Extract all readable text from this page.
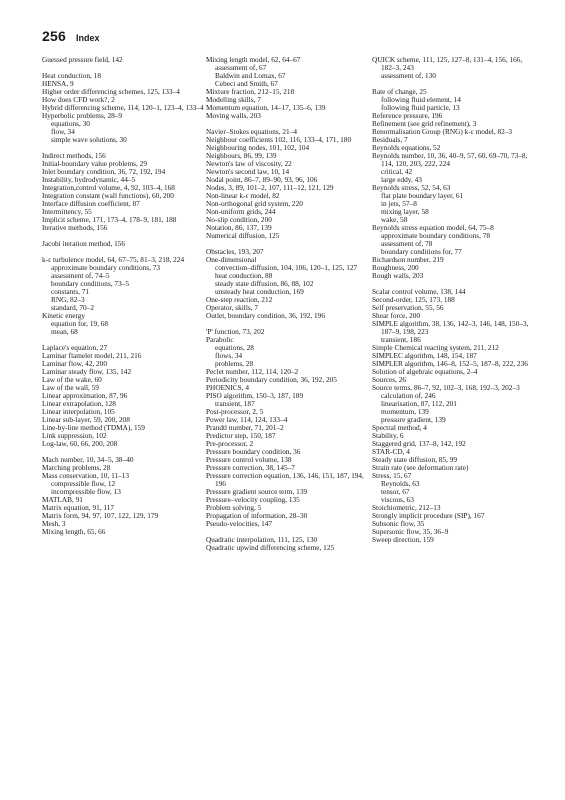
256 Index
Guessed pressure field, 142
Heat conduction, 18
HENSA, 9
Higher order differencing schemes, 125, 133–4
How does CFD work?, 2
Hybrid differencing scheme, 114, 120–1, 123–4, 133–4
Hyperbolic problems, 28–9
equations, 30
flow, 34
simple wave solutions, 30
Indirect methods, 156
Initial-boundary value problems, 29
Inlet boundary condition, 36, 72, 192, 194
Instability, hydrodynamic, 44–5
Integration,control volume, 4, 92, 103–4, 168
Integration constant (wall functions), 60, 200
Interface diffusion coefficient, 87
Intermittency, 55
Implicit scheme, 171, 173–4, 178–9, 181, 188
Iterative methods, 156
Jacobi iteration method, 156
k-ε turbulence model, 64, 67–75, 81–3, 218, 224
approximate boundary conditions, 73
assessment of, 74–5
boundary conditions, 73–5
constants, 71
RNG, 82–3
standard, 70–2
Kinetic energy
equation for, 19, 68
mean, 68
Laplace's equation, 27
Laminar flamelet model, 211, 216
Laminar flow, 42, 200
Laminar steady flow, 135, 142
Law of the wake, 60
Law of the wall, 59
Linear approximation, 87, 96
Linear extrapolation, 128
Linear interpolation, 105
Linear sub-layer, 59, 200, 208
Line-by-line method (TDMA), 159
Link suppression, 102
Log-law, 60, 66, 200, 208
Mach number, 10, 34–5, 38–40
Marching problems, 28
Mass conservation, 10, 11–13
compressible flow, 12
incompressible flow, 13
MATLAB, 91
Matrix equation, 91, 117
Matrix form, 94, 97, 107, 122, 129, 179
Mesh, 3
Mixing length, 65, 66
Mixing length model, 62, 64–67
assessment of, 67
Baldwin and Lomax, 67
Cebeci and Smith, 67
Mixture fraction, 212–15, 218
Modelling skills, 7
Momentum equation, 14–17, 135–6, 139
Moving walls, 203
Navier–Stokes equations, 21–4
Neighbour coefficients 102, 116, 133–4, 171, 180
Neighbouring nodes, 101, 102, 104
Neighbours, 86, 99, 139
Newton's law of viscosity, 22
Newton's second law, 10, 14
Nodal point, 86–7, 89–90, 93, 96, 106
Nodes, 3, 89, 101–2, 107, 111–12, 121, 129
Non-linear k-ε model, 82
Non-orthogonal grid system, 220
Non-uniform grids, 244
No-slip condition, 200
Notation, 86, 137, 139
Numerical diffusion, 125
Obstacles, 193, 207
One-dimensional
convection–diffusion, 104, 106, 120–1, 125, 127
heat conduction, 88
steady state diffusion, 86, 88, 102
unsteady heat conduction, 169
One-step reaction, 212
Operator, skills, 7
Outlet, boundary condition, 36, 192, 196
'P' function, 73, 202
Parabolic
equations, 28
flows, 34
problems, 28
Peclet number, 112, 114, 120–2
Periodicity boundary condition, 36, 192, 205
PHOENICS, 4
PISO algorithm, 150–3, 187, 189
transient, 187
Post-processor, 2, 5
Power law, 114, 124, 133–4
Prandtl number, 71, 201–2
Predictor step, 150, 187
Pre-processor, 2
Pressure boundary condition, 36
Pressure control volume, 138
Pressure correction, 38, 145–7
Pressure correction equation, 136, 146, 151, 187, 194, 196
Pressure gradient source term, 139
Pressure–velocity coupling, 135
Problem solving, 5
Propagation of information, 28–30
Pseudo-velocities, 147
Quadratic interpolation, 111, 125, 130
Quadratic upwind differencing scheme, 125
QUICK scheme, 111, 125, 127–8, 131–4, 156, 166, 182–3, 243
assessment of, 130
Rate of change, 25
following fluid element, 14
following fluid particle, 13
Reference pressure, 196
Refinement (see grid refinement), 3
Renormalisation Group (RNG) k-ε model, 82–3
Residuals, 7
Reynolds equations, 52
Reynolds number, 10, 36, 40–9, 57, 60, 69–70, 73–8, 114, 120, 203, 222, 224
critical, 42
large eddy, 43
Reynolds stress, 52, 54, 63
flat plate boundary layer, 61
in jets, 57–8
mixing layer, 58
wake, 58
Reynolds stress equation model, 64, 75–8
approximate boundary conditions, 78
assessment of, 78
boundary conditions for, 77
Richardson number, 219
Roughness, 200
Rough walls, 203
Scalar control volume, 138, 144
Second-order, 125, 173, 188
Self preservation, 55, 56
Shear force, 200
SIMPLE algorithm, 38, 136, 142–3, 146, 148, 150–3, 187–9, 198, 223
transient, 186
Simple Chemical reacting system, 211, 212
SIMPLEC algorithm, 148, 154, 187
SIMPLER algorithm, 146–8, 152–5, 187–8, 222, 236
Solution of algebraic equations, 2–4
Sources, 26
Source terms, 86–7, 92, 102–3, 168, 192–3, 202–3
calculation of, 246
linearisation, 87, 112, 201
momentum, 139
pressure gradient, 139
Spectral method, 4
Stability, 6
Staggered grid, 137–8, 142, 192
STAR-CD, 4
Steady state diffusion, 85, 99
Strain rate (see deformation rate)
Stress, 15, 67
Reynolds, 63
tensor, 67
viscous, 63
Stoichiometric, 212–13
Strongly implicit procedure (SIP), 167
Subsonic flow, 35
Supersonic flow, 35, 36–9
Sweep direction, 159
